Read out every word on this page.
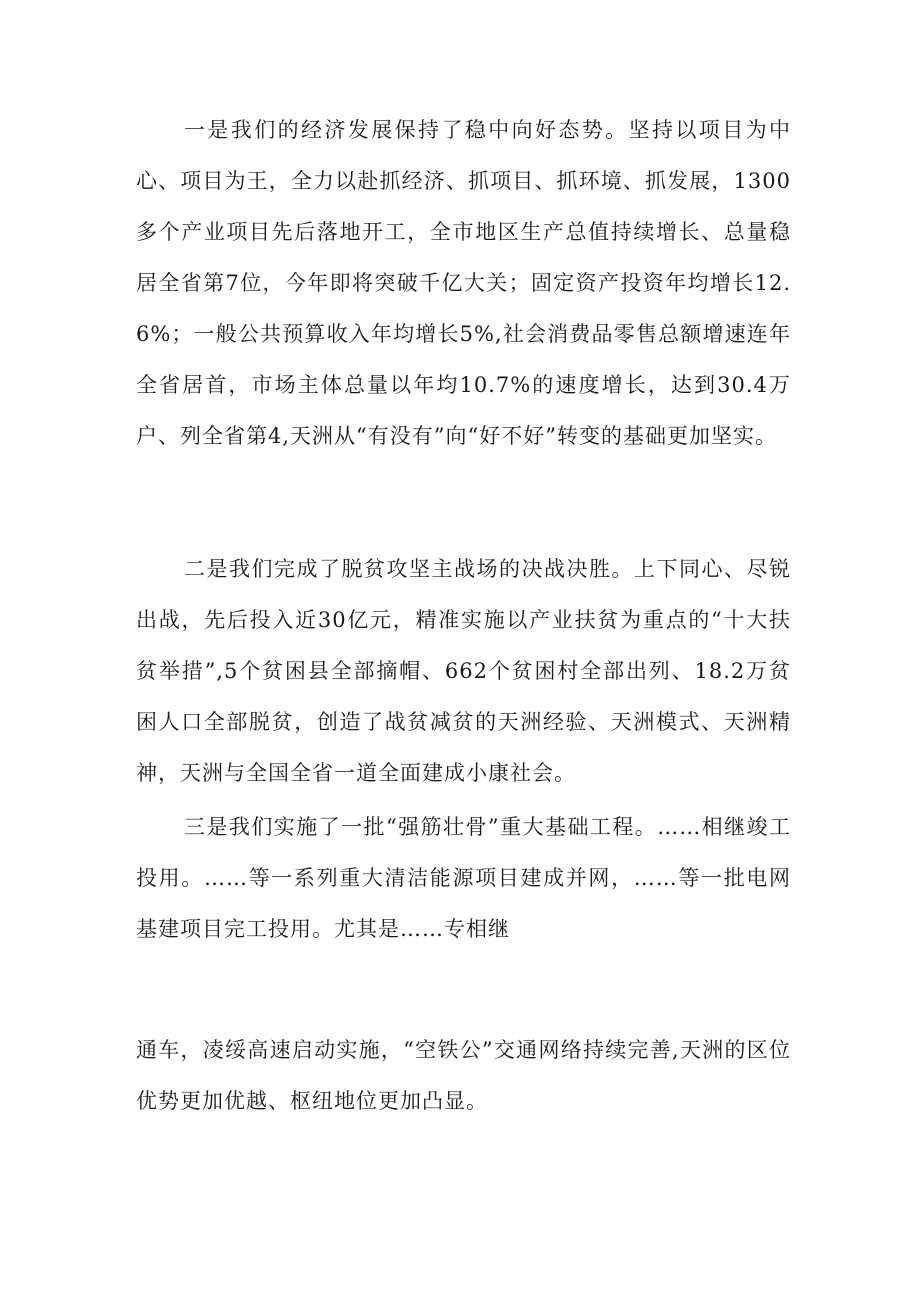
一是我们的经济发展保持了稳中向好态势。坚持以项目为中心、项目为王，全力以赴抓经济、抓项目、抓环境、抓发展，1300多个产业项目先后落地开工，全市地区生产总值持续增长、总量稳居全省第7位，今年即将突破千亿大关；固定资产投资年均增长12.6%；一般公共预算收入年均增长5%,社会消费品零售总额增速连年全省居首，市场主体总量以年均10.7%的速度增长，达到30.4万户、列全省第4,天洲从“有没有”向“好不好”转变的基础更加坚实。

二是我们完成了脱贫攻坚主战场的决战决胜。上下同心、尽锐出战，先后投入近30亿元，精准实施以产业扶贫为重点的“十大扶贫举措”,5个贫困县全部摘帽、662个贫困村全部出列、18.2万贫困人口全部脱贫，创造了战贫减贫的天洲经验、天洲模式、天洲精神，天洲与全国全省一道全面建成小康社会。

三是我们实施了一批“强筋壮骨”重大基础工程。……相继竣工投用。……等一系列重大清洁能源项目建成并网，……等一批电网基建项目完工投用。尤其是……专相继

通车，凌绥高速启动实施，“空铁公”交通网络持续完善,天洲的区位优势更加优越、枢纽地位更加凸显。
